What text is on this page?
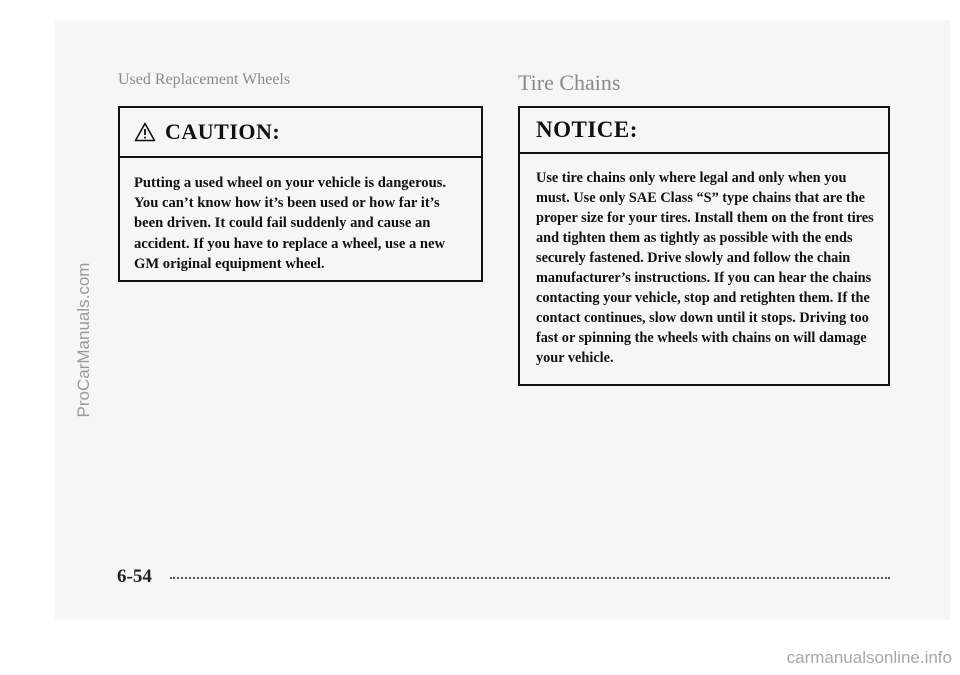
ProCarManuals.com
Used Replacement Wheels	Tire Chains
CAUTION:
Putting a used wheel on your vehicle is dangerous. You can’t know how it’s been used or how far it’s been driven. It could fail suddenly and cause an accident. If you have to replace a wheel, use a new GM original equipment wheel.
NOTICE:
Use tire chains only where legal and only when you must. Use only SAE Class “S” type chains that are the proper size for your tires. Install them on the front tires and tighten them as tightly as possible with the ends securely fastened. Drive slowly and follow the chain manufacturer’s instructions. If you can hear the chains contacting your vehicle, stop and retighten them. If the contact continues, slow down until it stops. Driving too fast or spinning the wheels with chains on will damage your vehicle.
6-54
carmanualsonline.info
